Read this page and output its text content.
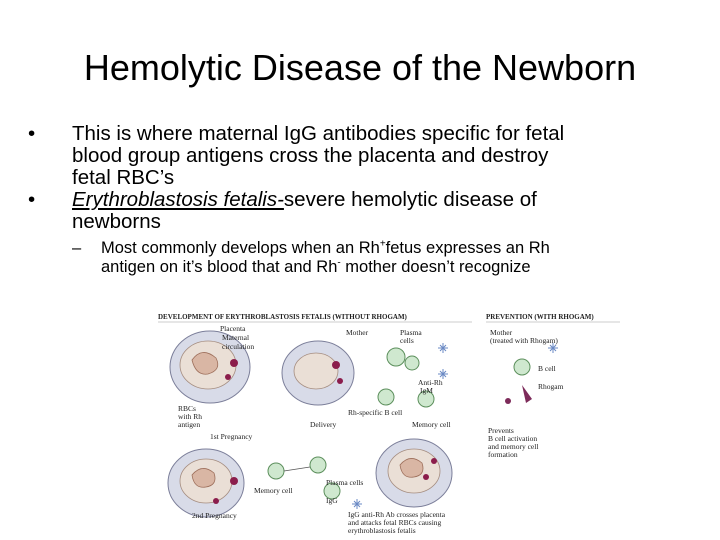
Hemolytic Disease of the Newborn
• This is where maternal IgG antibodies specific for fetal
blood group antigens cross the placenta and destroy
fetal RBC’s
• Erythroblastosis fetalis-severe hemolytic disease of
newborns
– Most commonly develops when an Rh+fetus expresses an Rh
antigen on it’s blood that and Rh- mother doesn’t recognize
DEVELOPMENT OF ERYTHROBLASTOSIS FETALIS (WITHOUT RHOGAM)	PREVENTION (WITH RHOGAM)
Placenta
Maternal
circulation
RBCs
with Rh
antigen
1st Pregnancy
Mother
Delivery
Plasma
cells
Anti-Rh
IgM
Rh-specific B cell
Memory cell
Mother
(treated with Rhogam)
B cell
Rhogam
Prevents
B cell activation
and memory cell
formation
Memory cell
Plasma cells
IgG
2nd Pregnancy	IgG anti-Rh Ab crosses placenta
and attacks fetal RBCs causing
erythroblastosis fetalis
